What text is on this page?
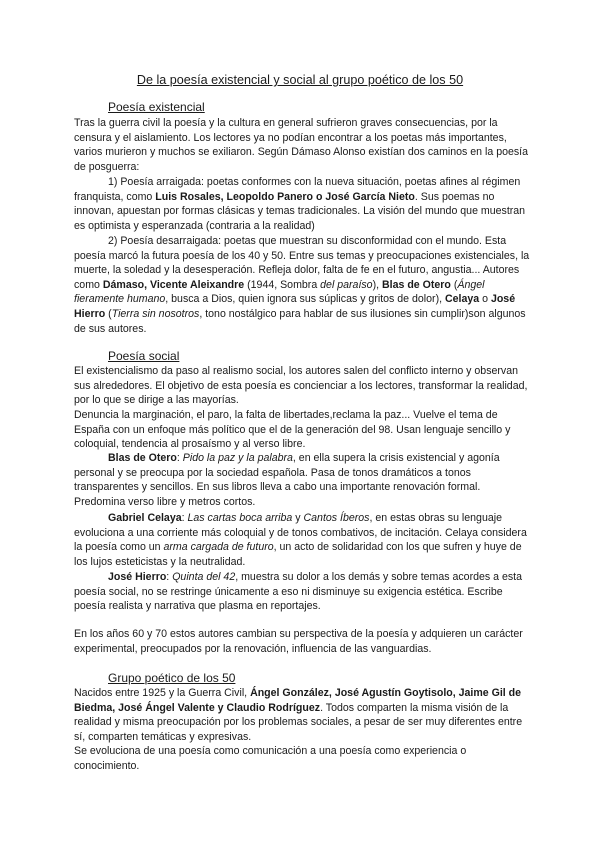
De la poesía existencial y social al grupo poético de los 50
Poesía existencial
Tras la guerra civil la poesía y la cultura en general sufrieron graves consecuencias, por la censura y el aislamiento. Los lectores ya no podían encontrar a los poetas más importantes, varios murieron y muchos se exiliaron. Según Dámaso Alonso existían dos caminos en la poesía de posguerra:
1) Poesía arraigada: poetas conformes con la nueva situación, poetas afines al régimen franquista, como Luis Rosales, Leopoldo Panero o José García Nieto. Sus poemas no innovan, apuestan por formas clásicas y temas tradicionales. La visión del mundo que muestran es optimista y esperanzada (contraria a la realidad)
2) Poesía desarraigada: poetas que muestran su disconformidad con el mundo. Esta poesía marcó la futura poesía de los 40 y 50. Entre sus temas y preocupaciones existenciales, la muerte, la soledad y la desesperación. Refleja dolor, falta de fe en el futuro, angustia... Autores como Dámaso, Vicente Aleixandre (1944, Sombra del paraíso), Blas de Otero (Ángel fieramente humano, busca a Dios, quien ignora sus súplicas y gritos de dolor), Celaya o José Hierro (Tierra sin nosotros, tono nostálgico para hablar de sus ilusiones sin cumplir)son algunos de sus autores.
Poesía social
El existencialismo da paso al realismo social, los autores salen del conflicto interno y observan sus alrededores. El objetivo de esta poesía es concienciar a los lectores, transformar la realidad, por lo que se dirige a las mayorías.
Denuncia la marginación, el paro, la falta de libertades,reclama la paz... Vuelve el tema de España con un enfoque más político que el de la generación del 98. Usan lenguaje sencillo y coloquial, tendencia al prosaísmo y al verso libre.
Blas de Otero: Pido la paz y la palabra, en ella supera la crisis existencial y agonía personal y se preocupa por la sociedad española. Pasa de tonos dramáticos a tonos transparentes y sencillos. En sus libros lleva a cabo una importante renovación formal. Predomina verso libre y metros cortos.
Gabriel Celaya: Las cartas boca arriba y Cantos Íberos, en estas obras su lenguaje evoluciona a una corriente más coloquial y de tonos combativos, de incitación. Celaya considera la poesía como un arma cargada de futuro, un acto de solidaridad con los que sufren y huye de los lujos esteticistas y la neutralidad.
José Hierro: Quinta del 42, muestra su dolor a los demás y sobre temas acordes a esta poesía social, no se restringe únicamente a eso ni disminuye su exigencia estética. Escribe poesía realista y narrativa que plasma en reportajes.
En los años 60 y 70 estos autores cambian su perspectiva de la poesía y adquieren un carácter experimental, preocupados por la renovación, influencia de las vanguardias.
Grupo poético de los 50
Nacidos entre 1925 y la Guerra Civil, Ángel González, José Agustín Goytisolo, Jaime Gil de Biedma, José Ángel Valente y Claudio Rodríguez. Todos comparten la misma visión de la realidad y misma preocupación por los problemas sociales, a pesar de ser muy diferentes entre sí, comparten temáticas y expresivas.
Se evoluciona de una poesía como comunicación a una poesía como experiencia o conocimiento.
